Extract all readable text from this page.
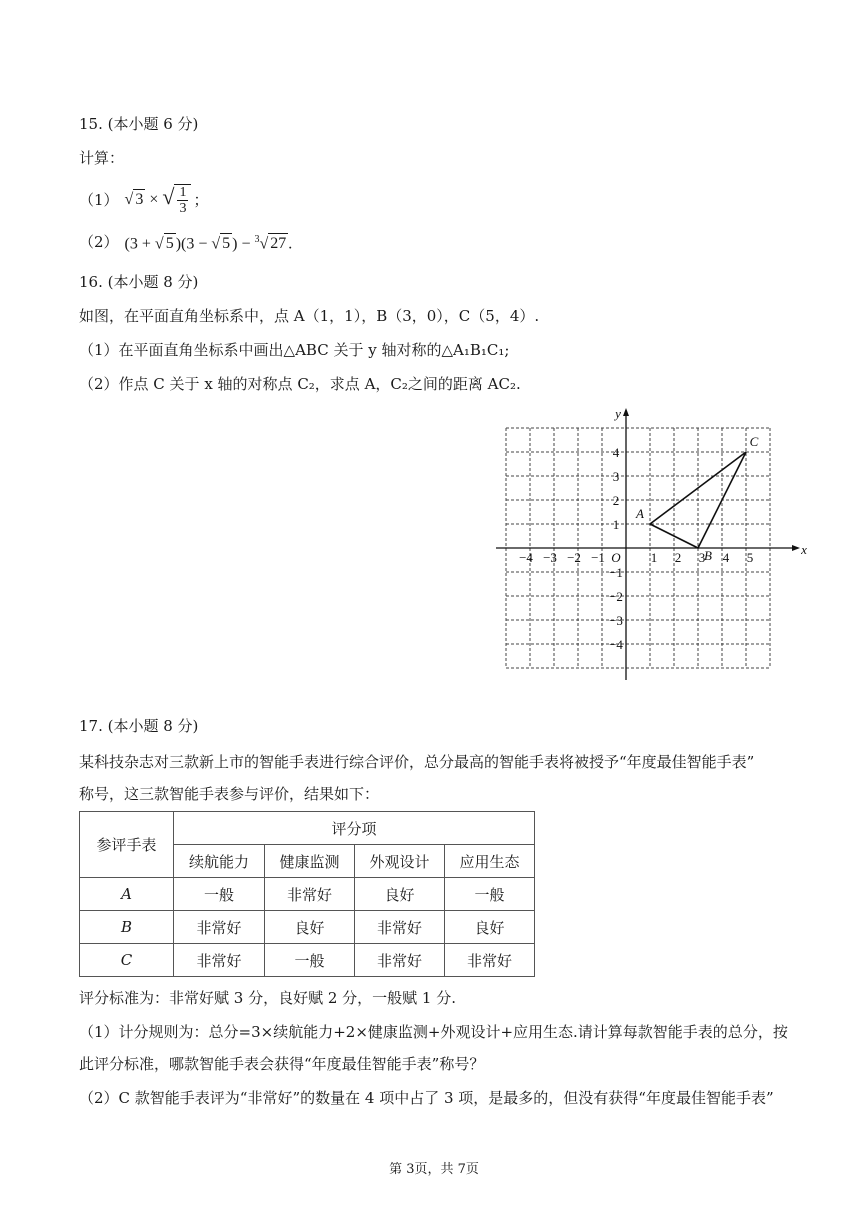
15. (本小题 6 分)
计算：
（1） √ 3 × √ $\frac{1}{3}$ ；
（2） (3 + √ 5 )(3 − √ 5 ) − $^3$√ 27 .
16. (本小题 8 分)
如图，在平面直角坐标系中，点 A（1，1），B（3，0），C（5，4）.
（1）在平面直角坐标系中画出△ABC 关于 y 轴对称的△A₁B₁C₁;
（2）作点 C 关于 x 轴的对称点 C₂，求点 A，C₂之间的距离 AC₂.
x
y
O
−4 −3 −2 −1	1 2 3 4 5
4
3
2
1
−1
−2
−3
−4
A
B
C
17. (本小题 8 分)
某科技杂志对三款新上市的智能手表进行综合评价，总分最高的智能手表将被授予“年度最佳智能手表”
称号，这三款智能手表参与评价，结果如下：
参评手表	评分项			
	续航能力	健康监测	外观设计	应用生态
A	一般	非常好	良好	一般
B	非常好	良好	非常好	良好
C	非常好	一般	非常好	非常好
评分标准为：非常好赋 3 分，良好赋 2 分，一般赋 1 分.
（1）计分规则为：总分=3×续航能力+2×健康监测+外观设计+应用生态.请计算每款智能手表的总分，按
此评分标准，哪款智能手表会获得“年度最佳智能手表”称号？
（2）C 款智能手表评为“非常好”的数量在 4 项中占了 3 项，是最多的，但没有获得“年度最佳智能手表”
第 3页，共 7页
